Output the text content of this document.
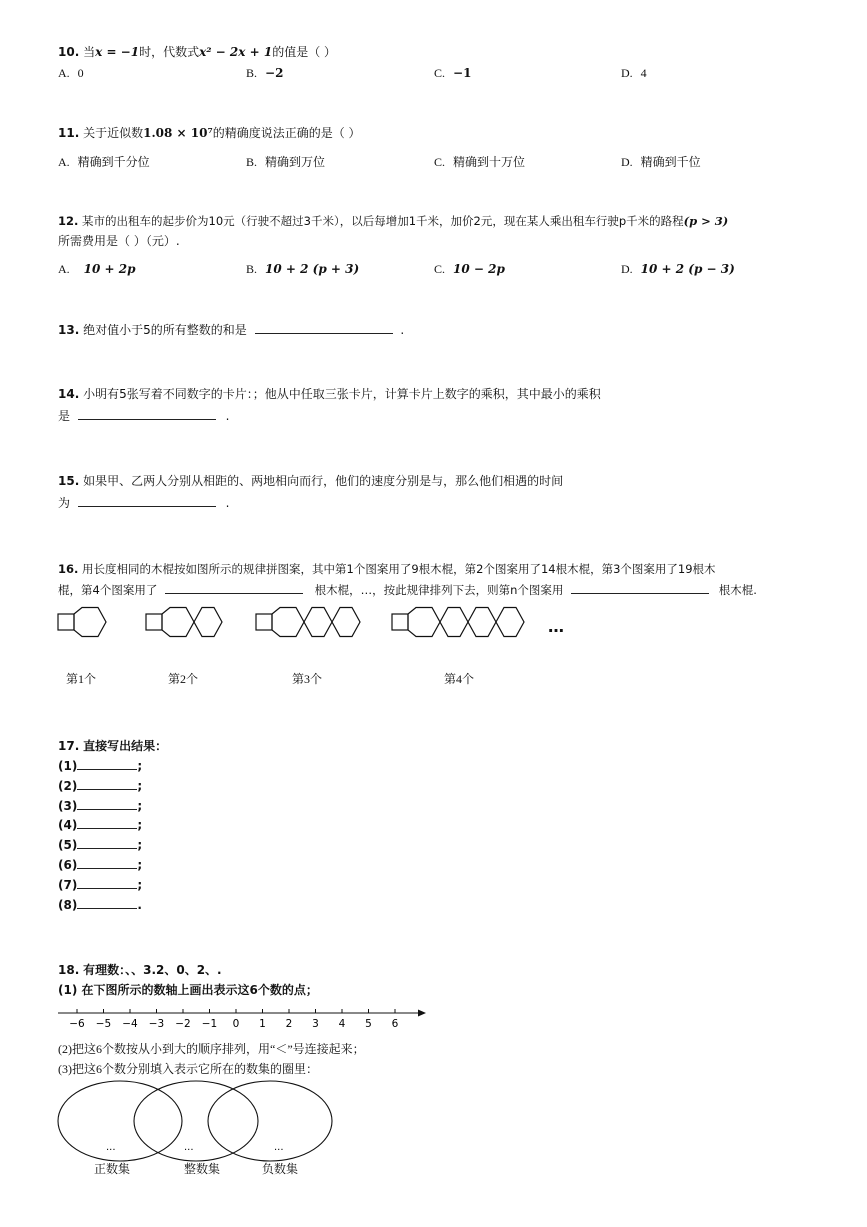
10. 当x = −1时，代数式x² − 2x + 1的值是（ ）
A. 0	B. −2	C. −1	D. 4
11. 关于近似数1.08 × 10⁷的精确度说法正确的是（ ）
A. 精确到千分位	B. 精确到万位	C. 精确到十万位	D. 精确到千位
12. 某市的出租车的起步价为10元（行驶不超过3千米），以后每增加1千米，加价2元，现在某人乘出租车行驶p千米的路程(p > 3)
所需费用是（ ）（元）.
A. 10 + 2p	B. 10 + 2 (p + 3)	C. 10 − 2p	D. 10 + 2 (p − 3)
13. 绝对值小于5的所有整数的和是	.
14. 小明有5张写着不同数字的卡片：；他从中任取三张卡片，计算卡片上数字的乘积，其中最小的乘积
是	.
15. 如果甲、乙两人分别从相距的、两地相向而行，他们的速度分别是与，那么他们相遇的时间
为	.
16. 用长度相同的木棍按如图所示的规律拼图案，其中第1个图案用了9根木棍，第2个图案用了14根木棍，第3个图案用了19根木
棍，第4个图案用了	根木棍，…，按此规律排列下去，则第n个图案用	根木棍.
…
第1个	第2个	第3个	第4个
17. 直接写出结果：
(1)	;
(2)	;
(3)	;
(4)	;
(5)	;
(6)	;
(7)	;
(8)	.
18. 有理数：、、3.2、0、2、.
(1) 在下图所示的数轴上画出表示这6个数的点；
−6 −5 −4 −3 −2 −1 0 1 2 3 4 5 6
(2)把这6个数按从小到大的顺序排列，用“＜”号连接起来；
(3)把这6个数分别填入表示它所在的数集的圈里：
...	...	...
正数集	整数集	负数集
